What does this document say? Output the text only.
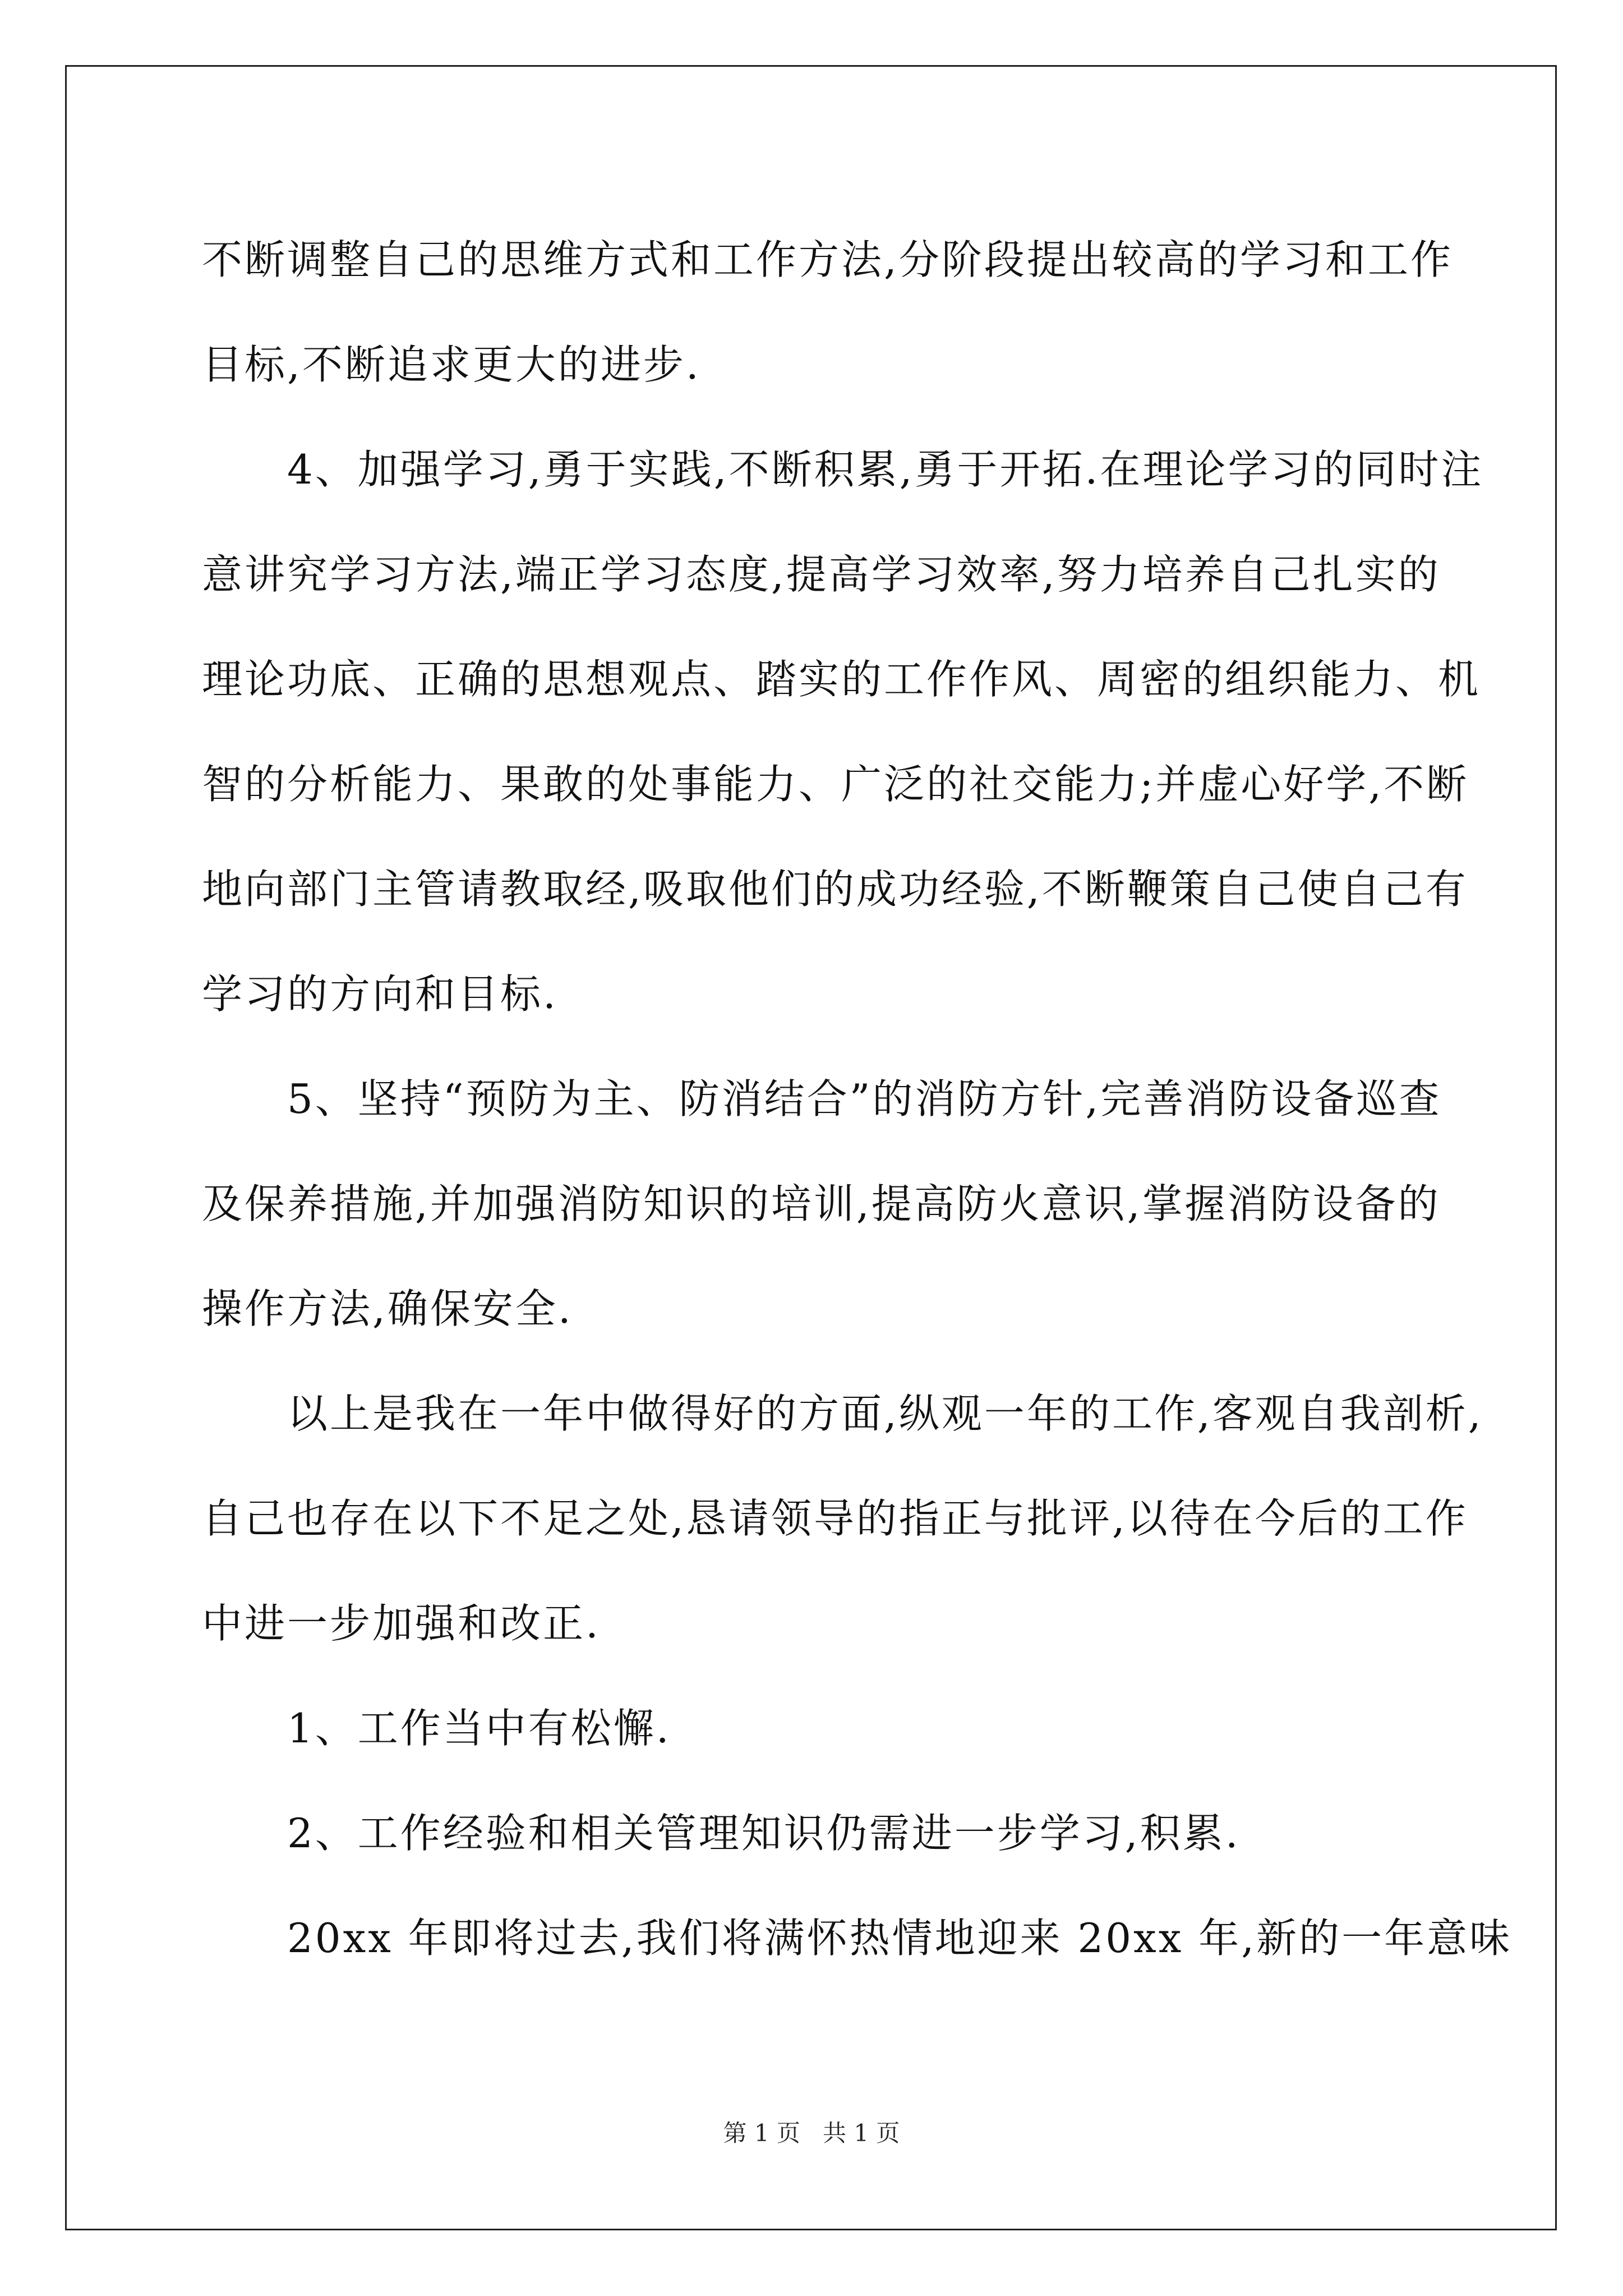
不断调整自己的思维方式和工作方法,分阶段提出较高的学习和工作
目标,不断追求更大的进步.
　　4、加强学习,勇于实践,不断积累,勇于开拓.在理论学习的同时注
意讲究学习方法,端正学习态度,提高学习效率,努力培养自己扎实的
理论功底、正确的思想观点、踏实的工作作风、周密的组织能力、机
智的分析能力、果敢的处事能力、广泛的社交能力;并虚心好学,不断
地向部门主管请教取经,吸取他们的成功经验,不断鞭策自己使自己有
学习的方向和目标.
　　5、坚持“预防为主、防消结合”的消防方针,完善消防设备巡查
及保养措施,并加强消防知识的培训,提高防火意识,掌握消防设备的
操作方法,确保安全.
　　以上是我在一年中做得好的方面,纵观一年的工作,客观自我剖析,
自己也存在以下不足之处,恳请领导的指正与批评,以待在今后的工作
中进一步加强和改正.
　　1、工作当中有松懈.
　　2、工作经验和相关管理知识仍需进一步学习,积累.
　　20xx 年即将过去,我们将满怀热情地迎来 20xx 年,新的一年意味
第 1 页 共 1 页
